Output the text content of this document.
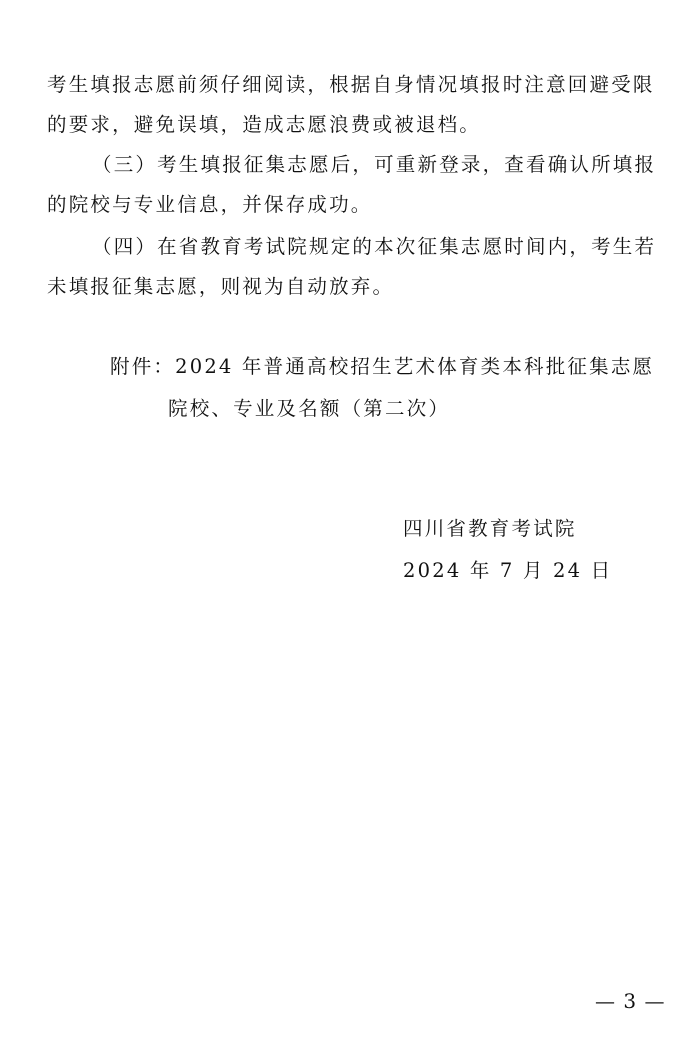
考生填报志愿前须仔细阅读，根据自身情况填报时注意回避受限
的要求，避免误填，造成志愿浪费或被退档。
（三）考生填报征集志愿后，可重新登录，查看确认所填报
的院校与专业信息，并保存成功。
（四）在省教育考试院规定的本次征集志愿时间内，考生若
未填报征集志愿，则视为自动放弃。
附件：2024 年普通高校招生艺术体育类本科批征集志愿
院校、专业及名额（第二次）
四川省教育考试院
2024 年 7 月 24 日
— 3 —
